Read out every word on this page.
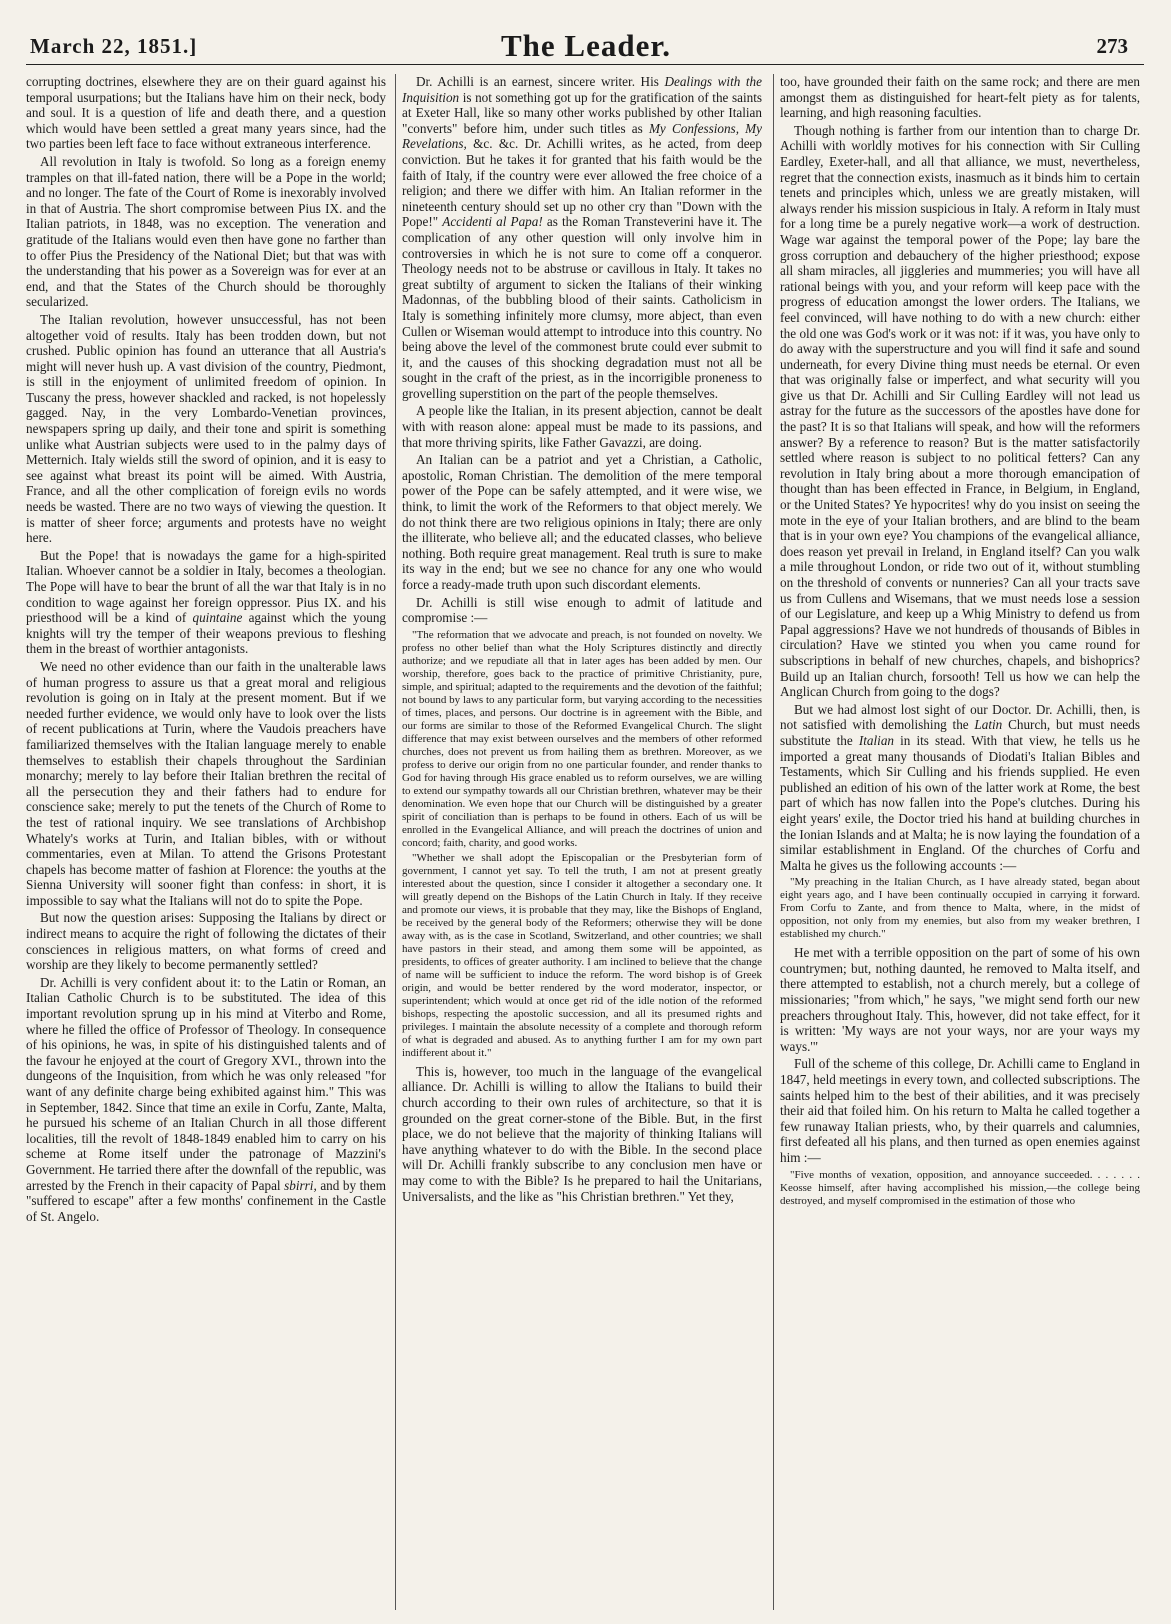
March 22, 1851.]	The Leader.	273

corrupting doctrines, elsewhere they are on their guard against his temporal usurpations; but the Italians have him on their neck, body and soul. It is a question of life and death there, and a question which would have been settled a great many years since, had the two parties been left face to face without extraneous interference.

All revolution in Italy is twofold. So long as a foreign enemy tramples on that ill-fated nation, there will be a Pope in the world; and no longer. The fate of the Court of Rome is inexorably involved in that of Austria. The short compromise between Pius IX. and the Italian patriots, in 1848, was no exception. The veneration and gratitude of the Italians would even then have gone no farther than to offer Pius the Presidency of the National Diet; but that was with the understanding that his power as a Sovereign was for ever at an end, and that the States of the Church should be thoroughly secularized.

The Italian revolution, however unsuccessful, has not been altogether void of results. Italy has been trodden down, but not crushed. Public opinion has found an utterance that all Austria's might will never hush up. A vast division of the country, Piedmont, is still in the enjoyment of unlimited freedom of opinion. In Tuscany the press, however shackled and racked, is not hopelessly gagged. Nay, in the very Lombardo-Venetian provinces, newspapers spring up daily, and their tone and spirit is something unlike what Austrian subjects were used to in the palmy days of Metternich. Italy wields still the sword of opinion, and it is easy to see against what breast its point will be aimed. With Austria, France, and all the other complication of foreign evils no words needs be wasted. There are no two ways of viewing the question. It is matter of sheer force; arguments and protests have no weight here.

But the Pope! that is nowadays the game for a high-spirited Italian. Whoever cannot be a soldier in Italy, becomes a theologian. The Pope will have to bear the brunt of all the war that Italy is in no condition to wage against her foreign oppressor. Pius IX. and his priesthood will be a kind of quintaine against which the young knights will try the temper of their weapons previous to fleshing them in the breast of worthier antagonists.

We need no other evidence than our faith in the unalterable laws of human progress to assure us that a great moral and religious revolution is going on in Italy at the present moment. But if we needed further evidence, we would only have to look over the lists of recent publications at Turin, where the Vaudois preachers have familiarized themselves with the Italian language merely to enable themselves to establish their chapels throughout the Sardinian monarchy; merely to lay before their Italian brethren the recital of all the persecution they and their fathers had to endure for conscience sake; merely to put the tenets of the Church of Rome to the test of rational inquiry. We see translations of Archbishop Whately's works at Turin, and Italian bibles, with or without commentaries, even at Milan. To attend the Grisons Protestant chapels has become matter of fashion at Florence: the youths at the Sienna University will sooner fight than confess: in short, it is impossible to say what the Italians will not do to spite the Pope.

But now the question arises: Supposing the Italians by direct or indirect means to acquire the right of following the dictates of their consciences in religious matters, on what forms of creed and worship are they likely to become permanently settled?

Dr. Achilli is very confident about it: to the Latin or Roman, an Italian Catholic Church is to be substituted. The idea of this important revolution sprung up in his mind at Viterbo and Rome, where he filled the office of Professor of Theology. In consequence of his opinions, he was, in spite of his distinguished talents and of the favour he enjoyed at the court of Gregory XVI., thrown into the dungeons of the Inquisition, from which he was only released "for want of any definite charge being exhibited against him." This was in September, 1842. Since that time an exile in Corfu, Zante, Malta, he pursued his scheme of an Italian Church in all those different localities, till the revolt of 1848-1849 enabled him to carry on his scheme at Rome itself under the patronage of Mazzini's Government. He tarried there after the downfall of the republic, was arrested by the French in their capacity of Papal sbirri, and by them "suffered to escape" after a few months' confinement in the Castle of St. Angelo.

Dr. Achilli is an earnest, sincere writer. His Dealings with the Inquisition is not something got up for the gratification of the saints at Exeter Hall, like so many other works published by other Italian "converts" before him, under such titles as My Confessions, My Revelations, &c. &c. Dr. Achilli writes, as he acted, from deep conviction. But he takes it for granted that his faith would be the faith of Italy, if the country were ever allowed the free choice of a religion; and there we differ with him. An Italian reformer in the nineteenth century should set up no other cry than "Down with the Pope!" Accidenti al Papa! as the Roman Transteverini have it. The complication of any other question will only involve him in controversies in which he is not sure to come off a conqueror. Theology needs not to be abstruse or cavillous in Italy. It takes no great subtilty of argument to sicken the Italians of their winking Madonnas, of the bubbling blood of their saints. Catholicism in Italy is something infinitely more clumsy, more abject, than even Cullen or Wiseman would attempt to introduce into this country. No being above the level of the commonest brute could ever submit to it, and the causes of this shocking degradation must not all be sought in the craft of the priest, as in the incorrigible proneness to grovelling superstition on the part of the people themselves.

A people like the Italian, in its present abjection, cannot be dealt with with reason alone: appeal must be made to its passions, and that more thriving spirits, like Father Gavazzi, are doing.

An Italian can be a patriot and yet a Christian, a Catholic, apostolic, Roman Christian. The demolition of the mere temporal power of the Pope can be safely attempted, and it were wise, we think, to limit the work of the Reformers to that object merely. We do not think there are two religious opinions in Italy; there are only the illiterate, who believe all; and the educated classes, who believe nothing. Both require great management. Real truth is sure to make its way in the end; but we see no chance for any one who would force a ready-made truth upon such discordant elements.

Dr. Achilli is still wise enough to admit of latitude and compromise :—

"The reformation that we advocate and preach, is not founded on novelty. We profess no other belief than what the Holy Scriptures distinctly and directly authorize; and we repudiate all that in later ages has been added by men. Our worship, therefore, goes back to the practice of primitive Christianity, pure, simple, and spiritual; adapted to the requirements and the devotion of the faithful; not bound by laws to any particular form, but varying according to the necessities of times, places, and persons. Our doctrine is in agreement with the Bible, and our forms are similar to those of the Reformed Evangelical Church. The slight difference that may exist between ourselves and the members of other reformed churches, does not prevent us from hailing them as brethren. Moreover, as we profess to derive our origin from no one particular founder, and render thanks to God for having through His grace enabled us to reform ourselves, we are willing to extend our sympathy towards all our Christian brethren, whatever may be their denomination. We even hope that our Church will be distinguished by a greater spirit of conciliation than is perhaps to be found in others. Each of us will be enrolled in the Evangelical Alliance, and will preach the doctrines of union and concord; faith, charity, and good works.

"Whether we shall adopt the Episcopalian or the Presbyterian form of government, I cannot yet say. To tell the truth, I am not at present greatly interested about the question, since I consider it altogether a secondary one. It will greatly depend on the Bishops of the Latin Church in Italy. If they receive and promote our views, it is probable that they may, like the Bishops of England, be received by the general body of the Reformers; otherwise they will be done away with, as is the case in Scotland, Switzerland, and other countries; we shall have pastors in their stead, and among them some will be appointed, as presidents, to offices of greater authority. I am inclined to believe that the change of name will be sufficient to induce the reform. The word bishop is of Greek origin, and would be better rendered by the word moderator, inspector, or superintendent; which would at once get rid of the idle notion of the reformed bishops, respecting the apostolic succession, and all its presumed rights and privileges. I maintain the absolute necessity of a complete and thorough reform of what is degraded and abused. As to anything further I am for my own part indifferent about it."

This is, however, too much in the language of the evangelical alliance. Dr. Achilli is willing to allow the Italians to build their church according to their own rules of architecture, so that it is grounded on the great corner-stone of the Bible. But, in the first place, we do not believe that the majority of thinking Italians will have anything whatever to do with the Bible. In the second place will Dr. Achilli frankly subscribe to any conclusion men have or may come to with the Bible? Is he prepared to hail the Unitarians, Universalists, and the like as "his Christian brethren." Yet they,

too, have grounded their faith on the same rock; and there are men amongst them as distinguished for heart-felt piety as for talents, learning, and high reasoning faculties.

Though nothing is farther from our intention than to charge Dr. Achilli with worldly motives for his connection with Sir Culling Eardley, Exeter-hall, and all that alliance, we must, nevertheless, regret that the connection exists, inasmuch as it binds him to certain tenets and principles which, unless we are greatly mistaken, will always render his mission suspicious in Italy. A reform in Italy must for a long time be a purely negative work—a work of destruction. Wage war against the temporal power of the Pope; lay bare the gross corruption and debauchery of the higher priesthood; expose all sham miracles, all jiggleries and mummeries; you will have all rational beings with you, and your reform will keep pace with the progress of education amongst the lower orders. The Italians, we feel convinced, will have nothing to do with a new church: either the old one was God's work or it was not: if it was, you have only to do away with the superstructure and you will find it safe and sound underneath, for every Divine thing must needs be eternal. Or even that was originally false or imperfect, and what security will you give us that Dr. Achilli and Sir Culling Eardley will not lead us astray for the future as the successors of the apostles have done for the past? It is so that Italians will speak, and how will the reformers answer? By a reference to reason? But is the matter satisfactorily settled where reason is subject to no political fetters? Can any revolution in Italy bring about a more thorough emancipation of thought than has been effected in France, in Belgium, in England, or the United States? Ye hypocrites! why do you insist on seeing the mote in the eye of your Italian brothers, and are blind to the beam that is in your own eye? You champions of the evangelical alliance, does reason yet prevail in Ireland, in England itself? Can you walk a mile throughout London, or ride two out of it, without stumbling on the threshold of convents or nunneries? Can all your tracts save us from Cullens and Wisemans, that we must needs lose a session of our Legislature, and keep up a Whig Ministry to defend us from Papal aggressions? Have we not hundreds of thousands of Bibles in circulation? Have we stinted you when you came round for subscriptions in behalf of new churches, chapels, and bishoprics? Build up an Italian church, forsooth! Tell us how we can help the Anglican Church from going to the dogs?

But we had almost lost sight of our Doctor. Dr. Achilli, then, is not satisfied with demolishing the Latin Church, but must needs substitute the Italian in its stead. With that view, he tells us he imported a great many thousands of Diodati's Italian Bibles and Testaments, which Sir Culling and his friends supplied. He even published an edition of his own of the latter work at Rome, the best part of which has now fallen into the Pope's clutches. During his eight years' exile, the Doctor tried his hand at building churches in the Ionian Islands and at Malta; he is now laying the foundation of a similar establishment in England. Of the churches of Corfu and Malta he gives us the following accounts :—

"My preaching in the Italian Church, as I have already stated, began about eight years ago, and I have been continually occupied in carrying it forward. From Corfu to Zante, and from thence to Malta, where, in the midst of opposition, not only from my enemies, but also from my weaker brethren, I established my church."

He met with a terrible opposition on the part of some of his own countrymen; but, nothing daunted, he removed to Malta itself, and there attempted to establish, not a church merely, but a college of missionaries; "from which," he says, "we might send forth our new preachers throughout Italy. This, however, did not take effect, for it is written: 'My ways are not your ways, nor are your ways my ways.'"

Full of the scheme of this college, Dr. Achilli came to England in 1847, held meetings in every town, and collected subscriptions. The saints helped him to the best of their abilities, and it was precisely their aid that foiled him. On his return to Malta he called together a few runaway Italian priests, who, by their quarrels and calumnies, first defeated all his plans, and then turned as open enemies against him :—

"Five months of vexation, opposition, and annoyance succeeded. . . . . . . Keosse himself, after having accomplished his mission,—the college being destroyed, and myself compromised in the estimation of those who
